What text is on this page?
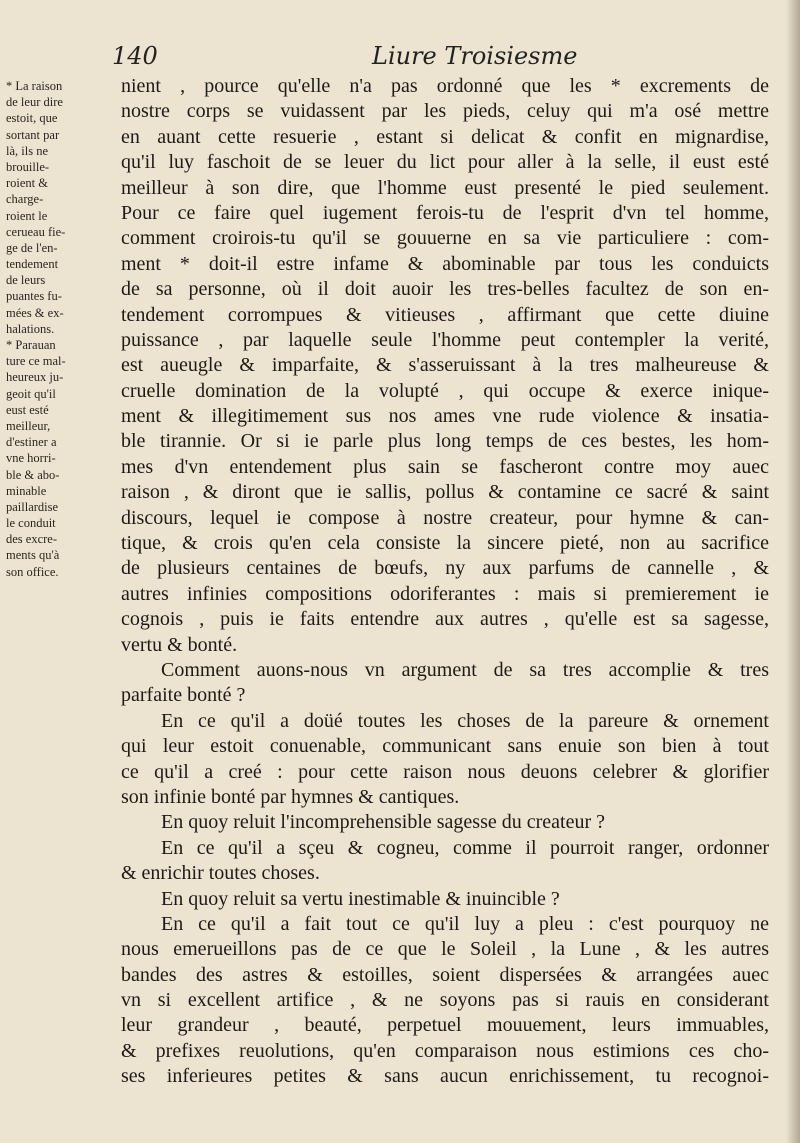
140	Liure Troisiesme
* La raison
de leur dire
estoit, que
sortant par
là, ils ne
brouille-
roient &
charge-
roient le
cerueau fie-
ge de l'en-
tendement
de leurs
puantes fu-
mées & ex-
halations.
* Parauan
ture ce mal-
heureux ju-
geoit qu'il
eust esté
meilleur,
d'estiner a
vne horri-
ble & abo-
minable
paillardise
le conduit
des excre-
ments qu'à
son office.
nient , pource qu'elle n'a pas ordonné que les * excrements de
nostre corps se vuidassent par les pieds, celuy qui m'a osé mettre
en auant cette resuerie , estant si delicat & confit en mignardise,
qu'il luy faschoit de se leuer du lict pour aller à la selle, il eust esté
meilleur à son dire, que l'homme eust presenté le pied seulement.
Pour ce faire quel iugement ferois-tu de l'esprit d'vn tel homme,
comment croirois-tu qu'il se gouuerne en sa vie particuliere : com-
ment * doit-il estre infame & abominable par tous les conduicts
de sa personne, où il doit auoir les tres-belles facultez de son en-
tendement corrompues & vitieuses , affirmant que cette diuine
puissance , par laquelle seule l'homme peut contempler la verité,
est aueugle & imparfaite, & s'asseruissant à la tres malheureuse &
cruelle domination de la volupté , qui occupe & exerce inique-
ment & illegitimement sus nos ames vne rude violence & insatia-
ble tirannie. Or si ie parle plus long temps de ces bestes, les hom-
mes d'vn entendement plus sain se fascheront contre moy auec
raison , & diront que ie sallis, pollus & contamine ce sacré & saint
discours, lequel ie compose à nostre createur, pour hymne & can-
tique, & crois qu'en cela consiste la sincere pieté, non au sacrifice
de plusieurs centaines de bœufs, ny aux parfums de cannelle , &
autres infinies compositions odoriferantes : mais si premierement ie
cognois , puis ie faits entendre aux autres , qu'elle est sa sagesse,
vertu & bonté.
Comment auons-nous vn argument de sa tres accomplie & tres
parfaite bonté ?
En ce qu'il a doüé toutes les choses de la pareure & ornement
qui leur estoit conuenable, communicant sans enuie son bien à tout
ce qu'il a creé : pour cette raison nous deuons celebrer & glorifier
son infinie bonté par hymnes & cantiques.
En quoy reluit l'incomprehensible sagesse du createur ?
En ce qu'il a sçeu & cogneu, comme il pourroit ranger, ordonner
& enrichir toutes choses.
En quoy reluit sa vertu inestimable & inuincible ?
En ce qu'il a fait tout ce qu'il luy a pleu : c'est pourquoy ne
nous emerueillons pas de ce que le Soleil , la Lune , & les autres
bandes des astres & estoilles, soient dispersées & arrangées auec
vn si excellent artifice , & ne soyons pas si rauis en considerant
leur grandeur , beauté, perpetuel mouuement, leurs immuables,
& prefixes reuolutions, qu'en comparaison nous estimions ces cho-
ses inferieures petites & sans aucun enrichissement, tu recognoi-
